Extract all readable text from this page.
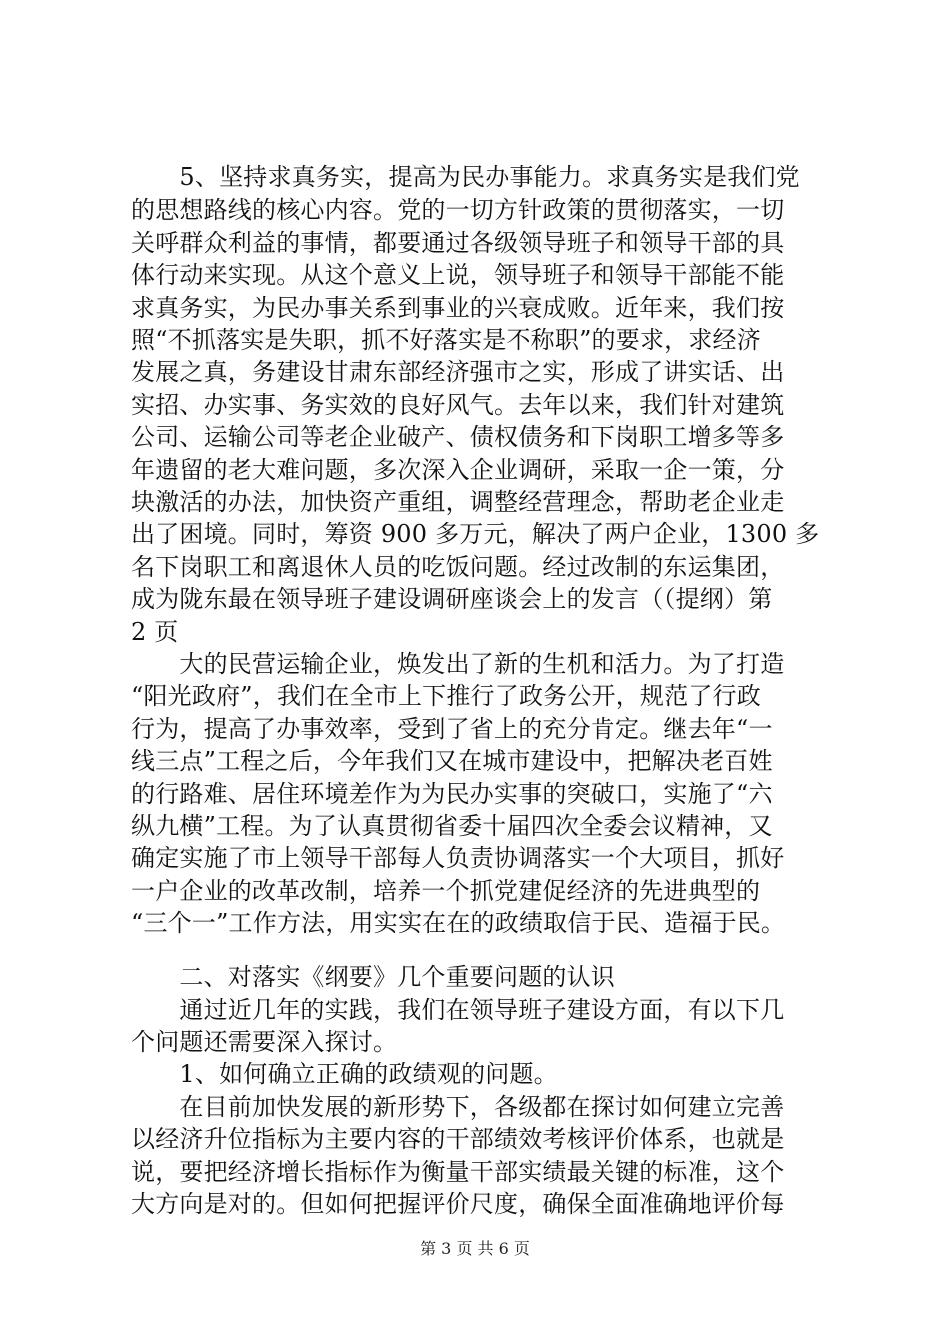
　　5、坚持求真务实，提高为民办事能力。求真务实是我们党
的思想路线的核心内容。党的一切方针政策的贯彻落实，一切
关呼群众利益的事情，都要通过各级领导班子和领导干部的具
体行动来实现。从这个意义上说，领导班子和领导干部能不能
求真务实，为民办事关系到事业的兴衰成败。近年来，我们按
照“不抓落实是失职，抓不好落实是不称职”的要求，求经济
发展之真，务建设甘肃东部经济强市之实，形成了讲实话、出
实招、办实事、务实效的良好风气。去年以来，我们针对建筑
公司、运输公司等老企业破产、债权债务和下岗职工增多等多
年遗留的老大难问题，多次深入企业调研，采取一企一策，分
块激活的办法，加快资产重组，调整经营理念，帮助老企业走
出了困境。同时，筹资 900 多万元，解决了两户企业，1300 多
名下岗职工和离退休人员的吃饭问题。经过改制的东运集团，
成为陇东最在领导班子建设调研座谈会上的发言（（提纲）第
2 页
　　大的民营运输企业，焕发出了新的生机和活力。为了打造
“阳光政府”，我们在全市上下推行了政务公开，规范了行政
行为，提高了办事效率，受到了省上的充分肯定。继去年“一
线三点”工程之后，今年我们又在城市建设中，把解决老百姓
的行路难、居住环境差作为为民办实事的突破口，实施了“六
纵九横”工程。为了认真贯彻省委十届四次全委会议精神，又
确定实施了市上领导干部每人负责协调落实一个大项目，抓好
一户企业的改革改制，培养一个抓党建促经济的先进典型的
“三个一”工作方法，用实实在在的政绩取信于民、造福于民。
　　二、对落实《纲要》几个重要问题的认识
　　通过近几年的实践，我们在领导班子建设方面，有以下几
个问题还需要深入探讨。
　　1、如何确立正确的政绩观的问题。
　　在目前加快发展的新形势下，各级都在探讨如何建立完善
以经济升位指标为主要内容的干部绩效考核评价体系，也就是
说，要把经济增长指标作为衡量干部实绩最关键的标准，这个
大方向是对的。但如何把握评价尺度，确保全面准确地评价每
第 3 页 共 6 页
